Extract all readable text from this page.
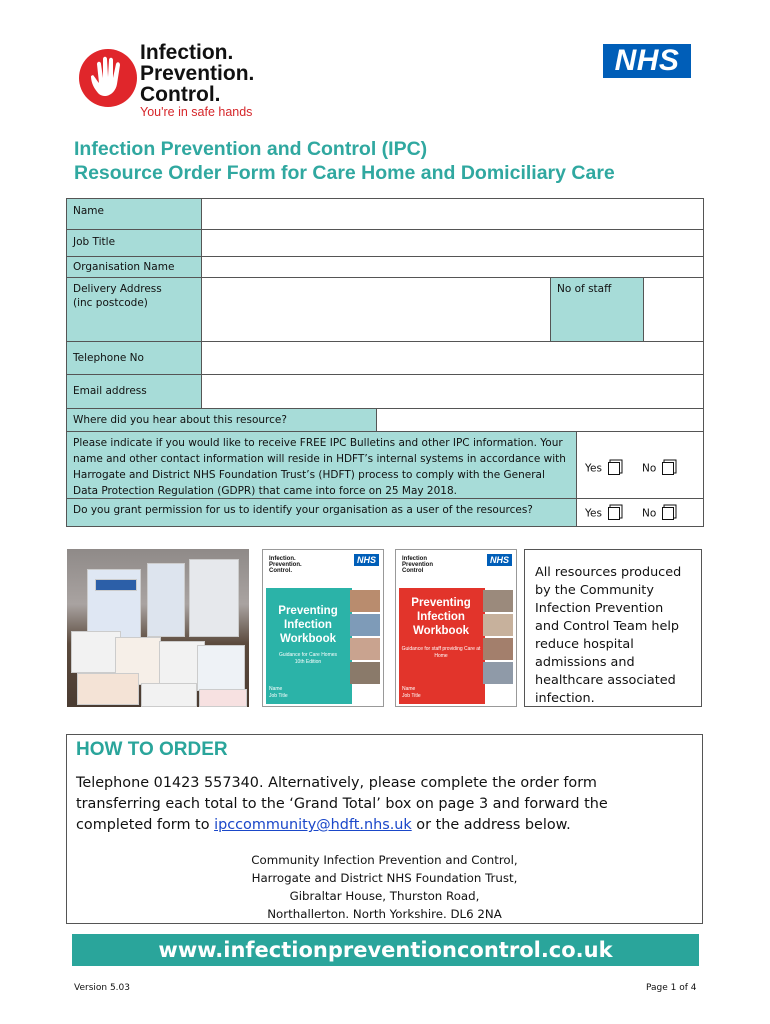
Infection.
Prevention.
Control.
You're in safe hands
NHS
Infection Prevention and Control (IPC)
Resource Order Form for Care Home and Domiciliary Care
Name
Job Title
Organisation Name
Delivery Address
(inc postcode)
No of staff
Telephone No
Email address
Where did you hear about this resource?
Please indicate if you would like to receive FREE IPC Bulletins and other IPC information. Your name and other contact information will reside in HDFT’s internal systems in accordance with Harrogate and District NHS Foundation Trust’s (HDFT) process to comply with the General Data Protection Regulation (GDPR) that came into force on 25 May 2018.
Yes	No
Do you grant permission for us to identify your organisation as a user of the resources?	Yes	No
Infection.
Prevention.
Control.
NHS
Preventing Infection Workbook
Guidance for Care Homes
10th Edition
Name
Job Title
Infection
Prevention
Control
NHS
Preventing Infection Workbook
Guidance for staff providing Care at Home
Name
Job Title
All resources produced by the Community Infection Prevention and Control Team help reduce hospital admissions and healthcare associated infection.
HOW TO ORDER
Telephone 01423 557340. Alternatively, please complete the order form transferring each total to the ‘Grand Total’ box on page 3 and forward the completed form to ipccommunity@hdft.nhs.uk or the address below.
Community Infection Prevention and Control,
Harrogate and District NHS Foundation Trust,
Gibraltar House, Thurston Road,
Northallerton. North Yorkshire. DL6 2NA
www.infectionpreventioncontrol.co.uk
Version 5.03	Page 1 of 4
